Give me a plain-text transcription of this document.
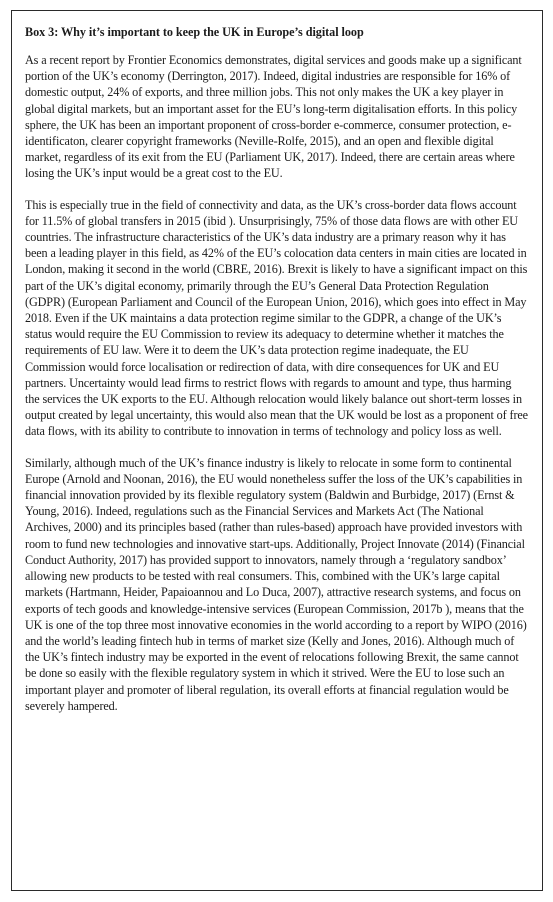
Box 3: Why it’s important to keep the UK in Europe’s digital loop

As a recent report by Frontier Economics demonstrates, digital services and goods make up a significant portion of the UK’s economy (Derrington, 2017). Indeed, digital industries are responsible for 16% of domestic output, 24% of exports, and three million jobs. This not only makes the UK a key player in global digital markets, but an important asset for the EU’s long-term digitalisation efforts. In this policy sphere, the UK has been an important proponent of cross-border e-commerce, consumer protection, e-identificaton, clearer copyright frameworks (Neville-Rolfe, 2015), and an open and flexible digital market, regardless of its exit from the EU (Parliament UK, 2017). Indeed, there are certain areas where losing the UK’s input would be a great cost to the EU.

This is especially true in the field of connectivity and data, as the UK’s cross-border data flows account for 11.5% of global transfers in 2015 (ibid ). Unsurprisingly, 75% of those data flows are with other EU countries. The infrastructure characteristics of the UK’s data industry are a primary reason why it has been a leading player in this field, as 42% of the EU’s colocation data centers in main cities are located in London, making it second in the world (CBRE, 2016). Brexit is likely to have a significant impact on this part of the UK’s digital economy, primarily through the EU’s General Data Protection Regulation (GDPR) (European Parliament and Council of the European Union, 2016), which goes into effect in May 2018. Even if the UK maintains a data protection regime similar to the GDPR, a change of the UK’s status would require the EU Commission to review its adequacy to determine whether it matches the requirements of EU law. Were it to deem the UK’s data protection regime inadequate, the EU Commission would force localisation or redirection of data, with dire consequences for UK and EU partners. Uncertainty would lead firms to restrict flows with regards to amount and type, thus harming the services the UK exports to the EU. Although relocation would likely balance out short-term losses in output created by legal uncertainty, this would also mean that the UK would be lost as a proponent of free data flows, with its ability to contribute to innovation in terms of technology and policy loss as well.

Similarly, although much of the UK’s finance industry is likely to relocate in some form to continental Europe (Arnold and Noonan, 2016), the EU would nonetheless suffer the loss of the UK’s capabilities in financial innovation provided by its flexible regulatory system (Baldwin and Burbidge, 2017) (Ernst & Young, 2016). Indeed, regulations such as the Financial Services and Markets Act (The National Archives, 2000) and its principles based (rather than rules-based) approach have provided investors with room to fund new technologies and innovative start-ups. Additionally, Project Innovate (2014) (Financial Conduct Authority, 2017) has provided support to innovators, namely through a ‘regulatory sandbox’ allowing new products to be tested with real consumers. This, combined with the UK’s large capital markets (Hartmann, Heider, Papaioannou and Lo Duca, 2007), attractive research systems, and focus on exports of tech goods and knowledge-intensive services (European Commission, 2017b ), means that the UK is one of the top three most innovative economies in the world according to a report by WIPO (2016) and the world’s leading fintech hub in terms of market size (Kelly and Jones, 2016). Although much of the UK’s fintech industry may be exported in the event of relocations following Brexit, the same cannot be done so easily with the flexible regulatory system in which it strived. Were the EU to lose such an important player and promoter of liberal regulation, its overall efforts at financial regulation would be severely hampered.
